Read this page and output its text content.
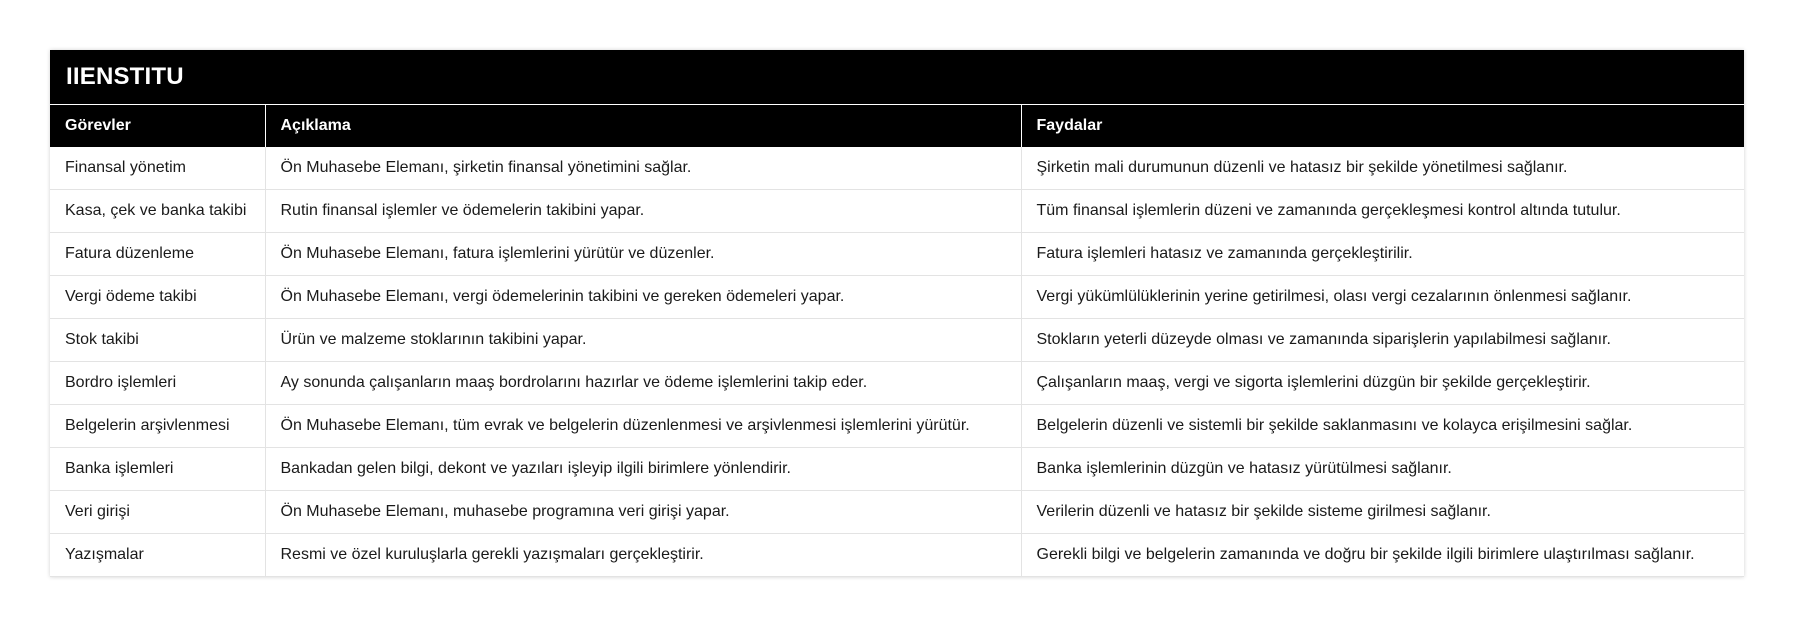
IIENSTITU
Görevler	Açıklama	Faydalar
Finansal yönetim	Ön Muhasebe Elemanı, şirketin finansal yönetimini sağlar.	Şirketin mali durumunun düzenli ve hatasız bir şekilde yönetilmesi sağlanır.
Kasa, çek ve banka takibi	Rutin finansal işlemler ve ödemelerin takibini yapar.	Tüm finansal işlemlerin düzeni ve zamanında gerçekleşmesi kontrol altında tutulur.
Fatura düzenleme	Ön Muhasebe Elemanı, fatura işlemlerini yürütür ve düzenler.	Fatura işlemleri hatasız ve zamanında gerçekleştirilir.
Vergi ödeme takibi	Ön Muhasebe Elemanı, vergi ödemelerinin takibini ve gereken ödemeleri yapar.	Vergi yükümlülüklerinin yerine getirilmesi, olası vergi cezalarının önlenmesi sağlanır.
Stok takibi	Ürün ve malzeme stoklarının takibini yapar.	Stokların yeterli düzeyde olması ve zamanında siparişlerin yapılabilmesi sağlanır.
Bordro işlemleri	Ay sonunda çalışanların maaş bordrolarını hazırlar ve ödeme işlemlerini takip eder.	Çalışanların maaş, vergi ve sigorta işlemlerini düzgün bir şekilde gerçekleştirir.
Belgelerin arşivlenmesi	Ön Muhasebe Elemanı, tüm evrak ve belgelerin düzenlenmesi ve arşivlenmesi işlemlerini yürütür.	Belgelerin düzenli ve sistemli bir şekilde saklanmasını ve kolayca erişilmesini sağlar.
Banka işlemleri	Bankadan gelen bilgi, dekont ve yazıları işleyip ilgili birimlere yönlendirir.	Banka işlemlerinin düzgün ve hatasız yürütülmesi sağlanır.
Veri girişi	Ön Muhasebe Elemanı, muhasebe programına veri girişi yapar.	Verilerin düzenli ve hatasız bir şekilde sisteme girilmesi sağlanır.
Yazışmalar	Resmi ve özel kuruluşlarla gerekli yazışmaları gerçekleştirir.	Gerekli bilgi ve belgelerin zamanında ve doğru bir şekilde ilgili birimlere ulaştırılması sağlanır.
